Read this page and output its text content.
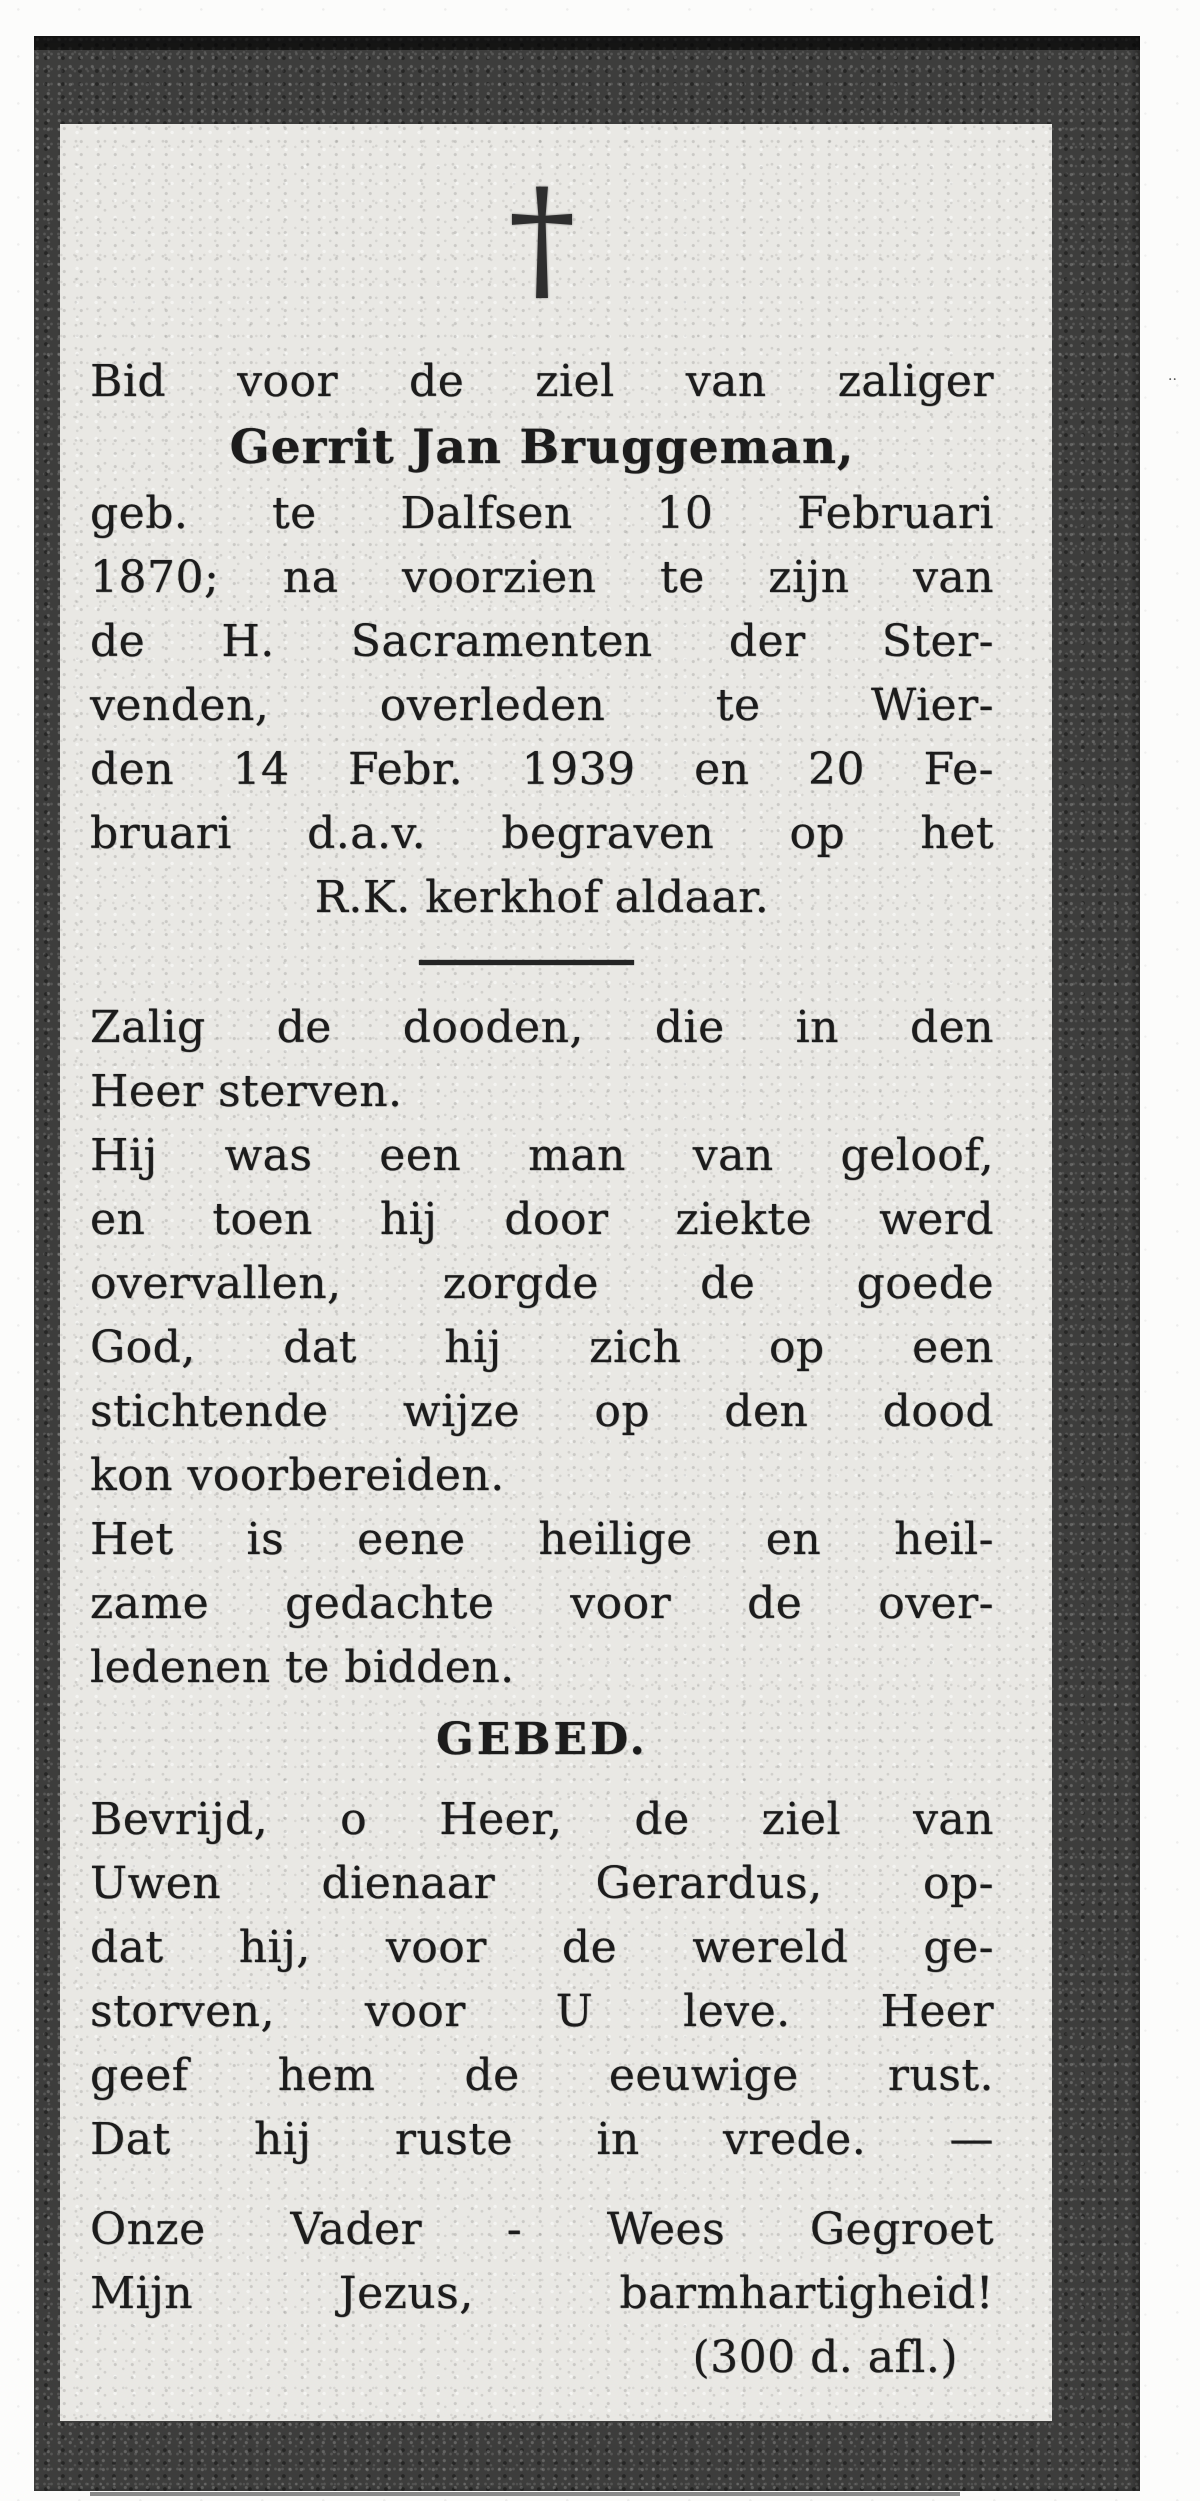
†
Bid voor de ziel van zaliger
Gerrit Jan Bruggeman,
geb. te Dalfsen 10 Februari
1870; na voorzien te zijn van
de H. Sacramenten der Ster-
venden, overleden te Wier-
den 14 Febr. 1939 en 20 Fe-
bruari d.a.v. begraven op het
R.K. kerkhof aldaar.
Zalig de dooden, die in den
Heer sterven.
Hij was een man van geloof,
en toen hij door ziekte werd
overvallen, zorgde de goede
God, dat hij zich op een
stichtende wijze op den dood
kon voorbereiden.
Het is eene heilige en heil-
zame gedachte voor de over-
ledenen te bidden.
GEBED.
Bevrijd, o Heer, de ziel van
Uwen dienaar Gerardus, op-
dat hij, voor de wereld ge-
storven, voor U leve. Heer
geef hem de eeuwige rust.
Dat hij ruste in vrede. —
Onze Vader - Wees Gegroet
Mijn Jezus, barmhartigheid!
(300 d. afl.)
··
